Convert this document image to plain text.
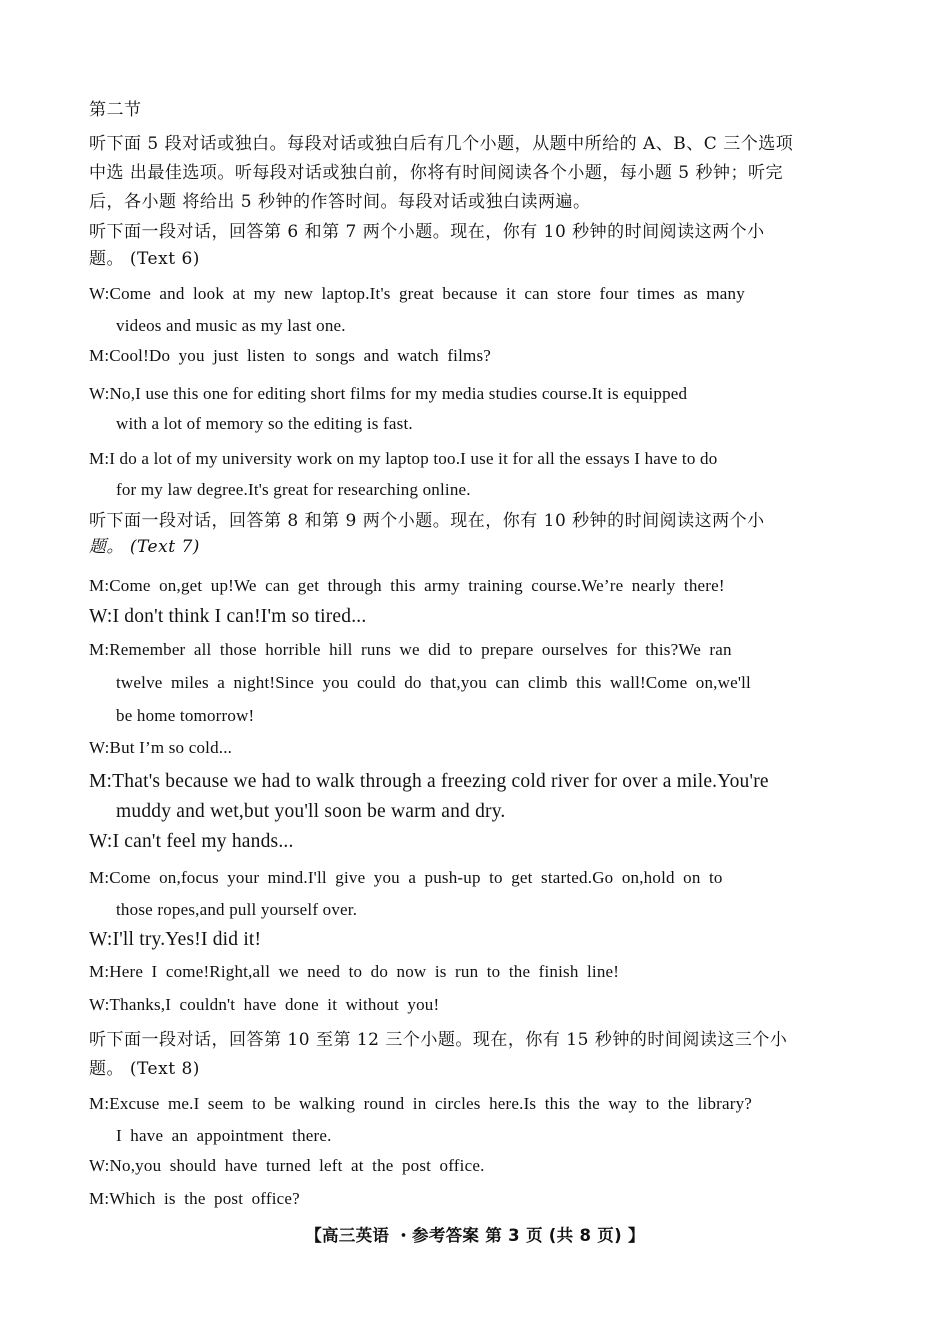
第二节
听下面 5 段对话或独白。每段对话或独白后有几个小题，从题中所给的 A、B、C 三个选项
中选 出最佳选项。听每段对话或独白前，你将有时间阅读各个小题，每小题 5 秒钟；听完
后，各小题 将给出 5 秒钟的作答时间。每段对话或独白读两遍。
听下面一段对话，回答第 6 和第 7 两个小题。现在，你有 10 秒钟的时间阅读这两个小
题。 (Text 6)
W:Come and look at my new laptop.It's great because it can store four times as many
videos and music as my last one.
M:Cool!Do you just listen to songs and watch films?
W:No,I use this one for editing short films for my media studies course.It is equipped
with a lot of memory so the editing is fast.
M:I do a lot of my university work on my laptop too.I use it for all the essays I have to do
for my law degree.It's great for researching online.
听下面一段对话，回答第 8 和第 9 两个小题。现在，你有 10 秒钟的时间阅读这两个小
题。 (Text 7)
M:Come on,get up!We can get through this army training course.We’re nearly there!
W:I don't think I can!I'm so tired...
M:Remember all those horrible hill runs we did to prepare ourselves for this?We ran
twelve miles a night!Since you could do that,you can climb this wall!Come on,we'll
be home tomorrow!
W:But I’m so cold...
M:That's because we had to walk through a freezing cold river for over a mile.You're
muddy and wet,but you'll soon be warm and dry.
W:I can't feel my hands...
M:Come on,focus your mind.I'll give you a push-up to get started.Go on,hold on to
those ropes,and pull yourself over.
W:I'll try.Yes!I did it!
M:Here I come!Right,all we need to do now is run to the finish line!
W:Thanks,I couldn't have done it without you!
听下面一段对话，回答第 10 至第 12 三个小题。现在，你有 15 秒钟的时间阅读这三个小
题。 (Text 8)
M:Excuse me.I seem to be walking round in circles here.Is this the way to the library?
I have an appointment there.
W:No,you should have turned left at the post office.
M:Which is the post office?
【高三英语 ・参考答案 第 3 页 (共 8 页) 】
